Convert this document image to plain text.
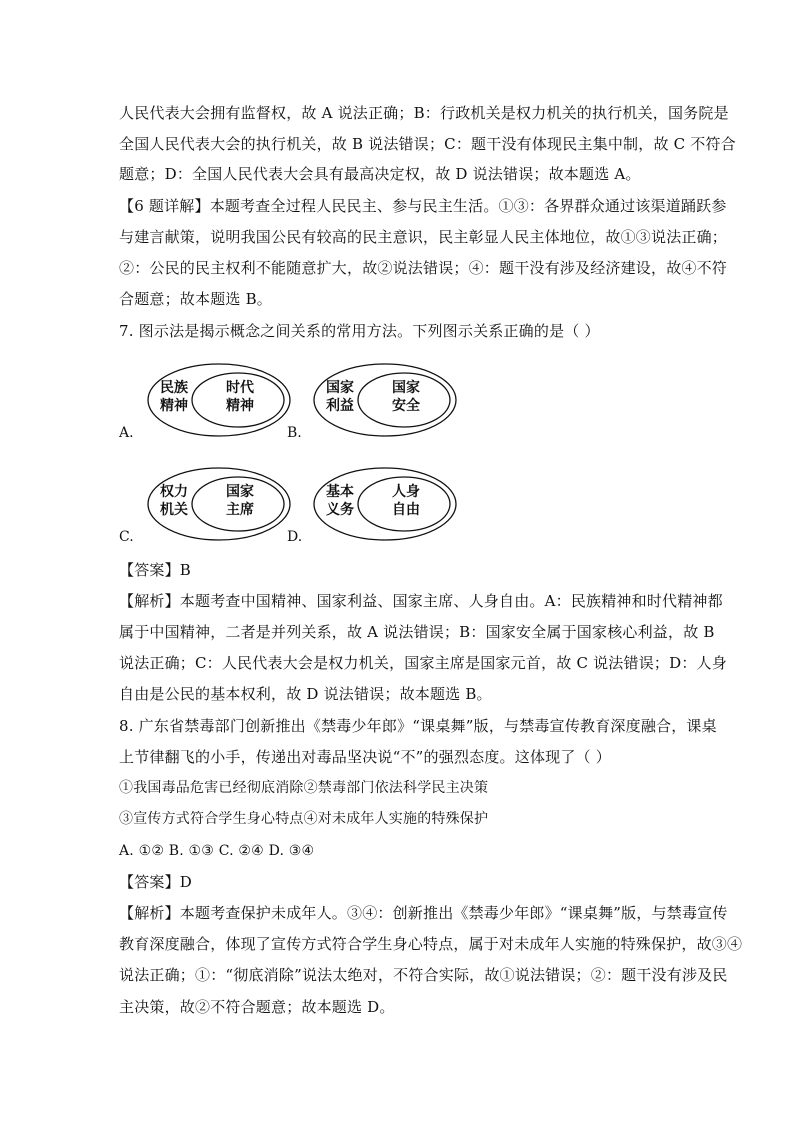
人民代表大会拥有监督权，故 A 说法正确；B：行政机关是权力机关的执行机关，国务院是
全国人民代表大会的执行机关，故 B 说法错误；C：题干没有体现民主集中制，故 C 不符合
题意；D：全国人民代表大会具有最高决定权，故 D 说法错误；故本题选 A。
【6 题详解】本题考查全过程人民民主、参与民主生活。①③：各界群众通过该渠道踊跃参
与建言献策，说明我国公民有较高的民主意识，民主彰显人民主体地位，故①③说法正确；
②：公民的民主权利不能随意扩大，故②说法错误；④：题干没有涉及经济建设，故④不符
合题意；故本题选 B。
7. 图示法是揭示概念之间关系的常用方法。下列图示关系正确的是（ ）
民族
精神
时代
精神
A.
国家
利益
国家
安全
B.
权力
机关
国家
主席
C.
基本
义务
人身
自由
D.
【答案】B
【解析】本题考查中国精神、国家利益、国家主席、人身自由。A：民族精神和时代精神都
属于中国精神，二者是并列关系，故 A 说法错误；B：国家安全属于国家核心利益，故 B
说法正确；C：人民代表大会是权力机关，国家主席是国家元首，故 C 说法错误；D：人身
自由是公民的基本权利，故 D 说法错误；故本题选 B。
8. 广东省禁毒部门创新推出《禁毒少年郎》“课桌舞”版，与禁毒宣传教育深度融合，课桌
上节律翻飞的小手，传递出对毒品坚决说“不”的强烈态度。这体现了（ ）
①我国毒品危害已经彻底消除②禁毒部门依法科学民主决策
③宣传方式符合学生身心特点④对未成年人实施的特殊保护
A. ①② B. ①③ C. ②④ D. ③④
【答案】D
【解析】本题考查保护未成年人。③④：创新推出《禁毒少年郎》“课桌舞”版，与禁毒宣传
教育深度融合，体现了宣传方式符合学生身心特点，属于对未成年人实施的特殊保护，故③④
说法正确；①：“彻底消除”说法太绝对，不符合实际，故①说法错误；②：题干没有涉及民
主决策，故②不符合题意；故本题选 D。
